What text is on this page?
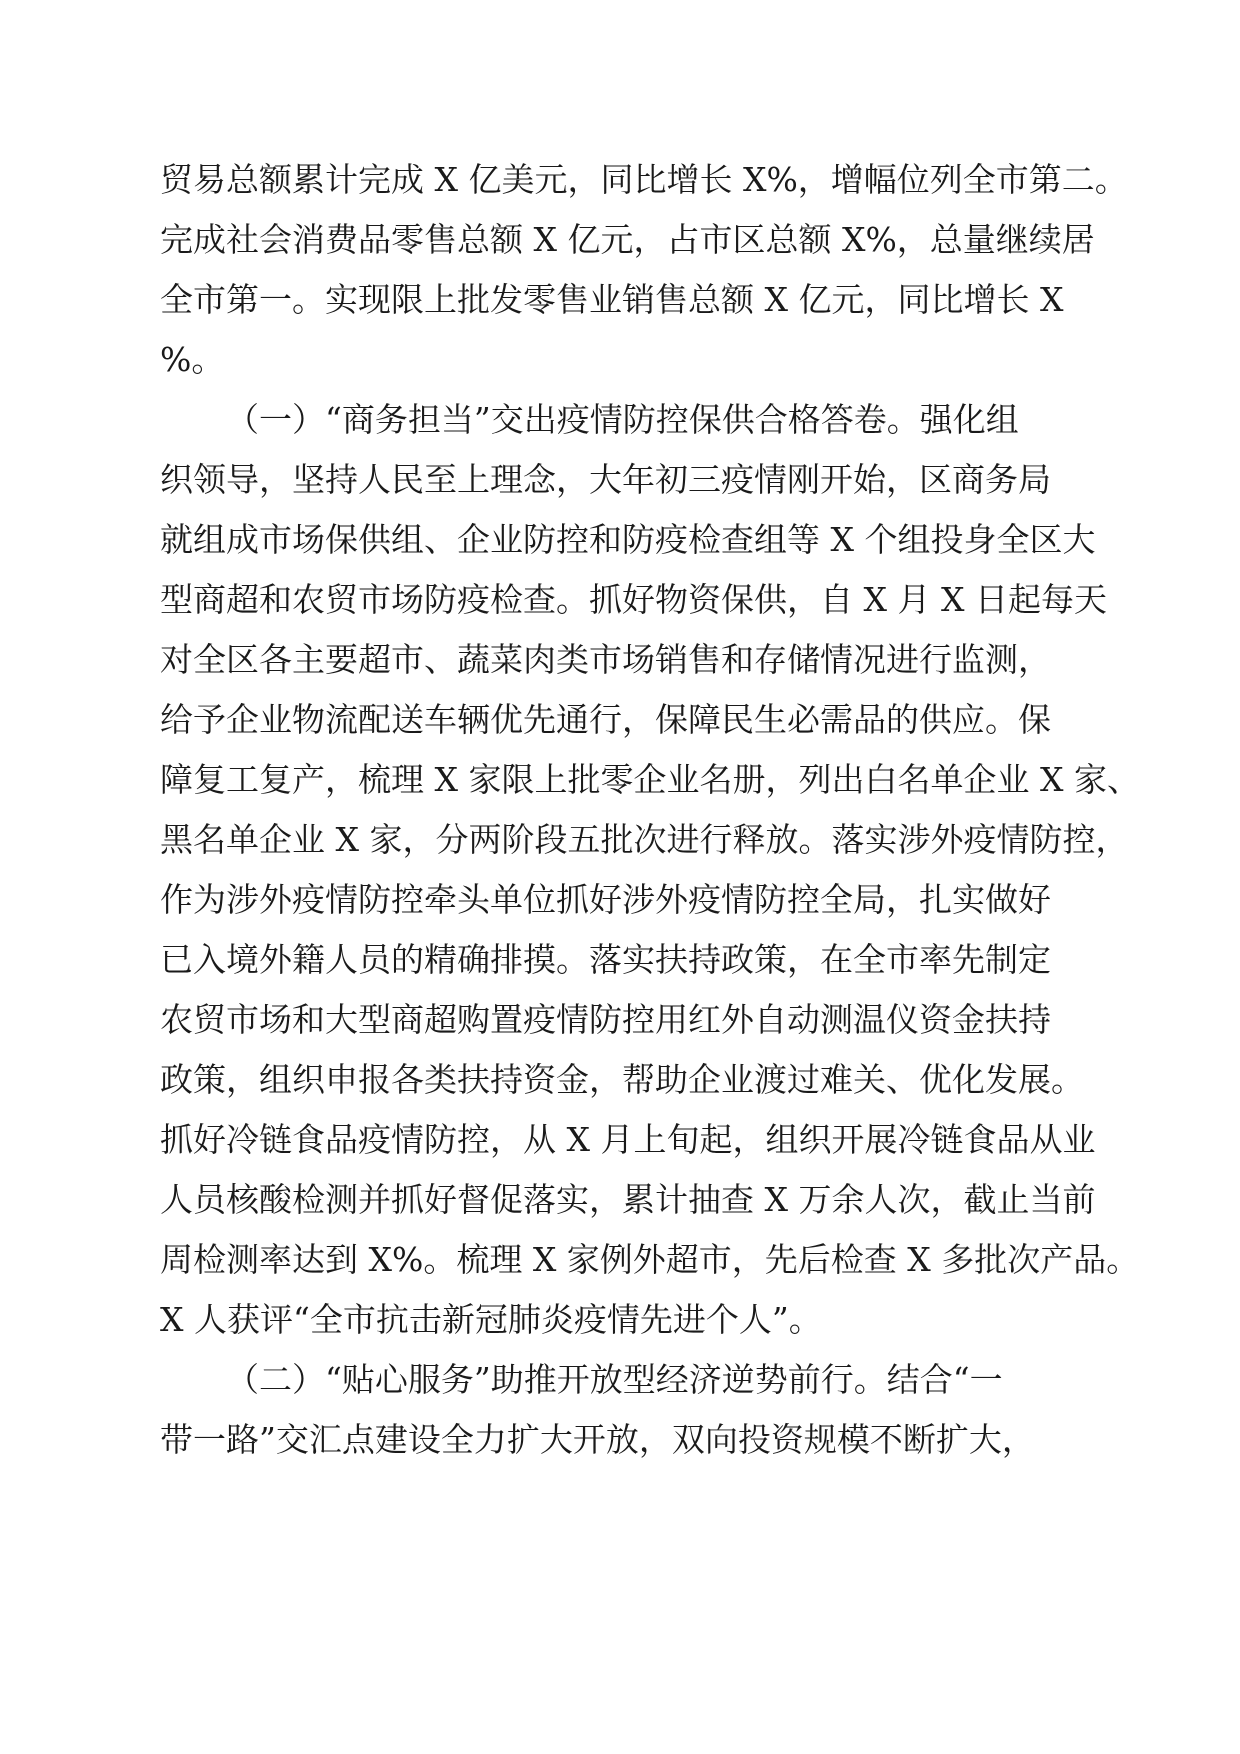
贸易总额累计完成 X 亿美元，同比增长 X%，增幅位列全市第二。
完成社会消费品零售总额 X 亿元，占市区总额 X%，总量继续居
全市第一。实现限上批发零售业销售总额 X 亿元，同比增长 X
%。
（一）“商务担当”交出疫情防控保供合格答卷。强化组
织领导，坚持人民至上理念，大年初三疫情刚开始，区商务局
就组成市场保供组、企业防控和防疫检查组等 X 个组投身全区大
型商超和农贸市场防疫检查。抓好物资保供，自 X 月 X 日起每天
对全区各主要超市、蔬菜肉类市场销售和存储情况进行监测，
给予企业物流配送车辆优先通行，保障民生必需品的供应。保
障复工复产，梳理 X 家限上批零企业名册，列出白名单企业 X 家、
黑名单企业 X 家，分两阶段五批次进行释放。落实涉外疫情防控，
作为涉外疫情防控牵头单位抓好涉外疫情防控全局，扎实做好
已入境外籍人员的精确排摸。落实扶持政策，在全市率先制定
农贸市场和大型商超购置疫情防控用红外自动测温仪资金扶持
政策，组织申报各类扶持资金，帮助企业渡过难关、优化发展。
抓好冷链食品疫情防控，从 X 月上旬起，组织开展冷链食品从业
人员核酸检测并抓好督促落实，累计抽查 X 万余人次，截止当前
周检测率达到 X%。梳理 X 家例外超市，先后检查 X 多批次产品。
X 人获评“全市抗击新冠肺炎疫情先进个人”。
（二）“贴心服务”助推开放型经济逆势前行。结合“一
带一路”交汇点建设全力扩大开放，双向投资规模不断扩大，
